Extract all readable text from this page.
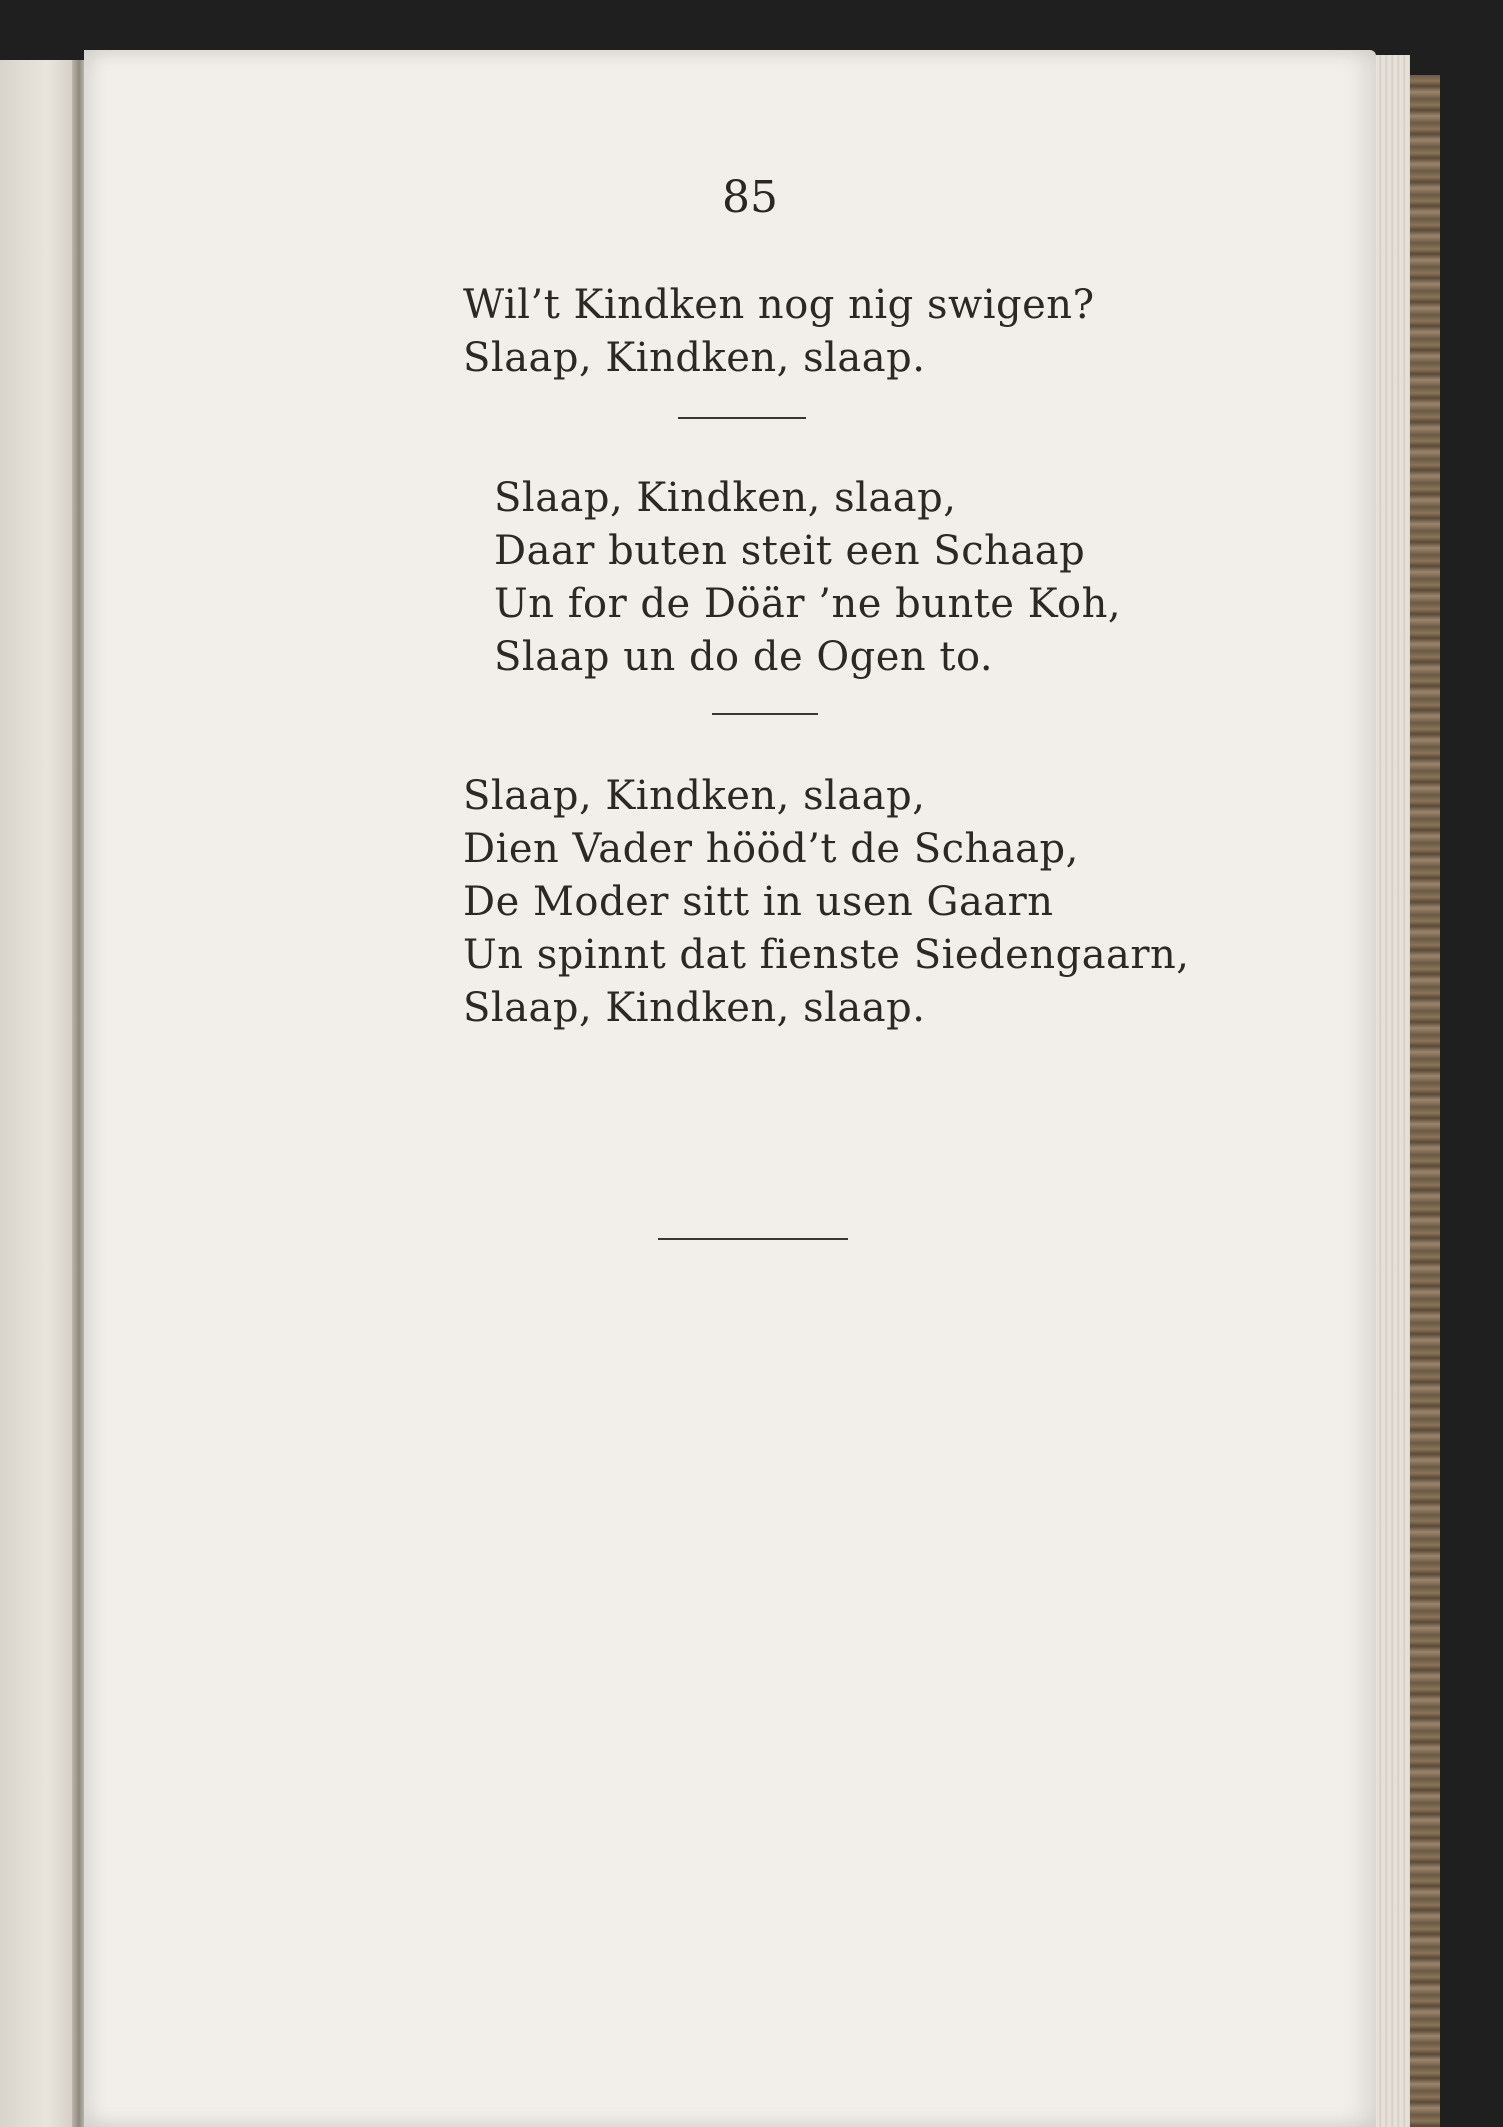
85
Wil’t Kindken nog nig swigen?
Slaap, Kindken, slaap.
Slaap, Kindken, slaap,
Daar buten steit een Schaap
Un for de Döär ’ne bunte Koh,
Slaap un do de Ogen to.
Slaap, Kindken, slaap,
Dien Vader hööd’t de Schaap,
De Moder sitt in usen Gaarn
Un spinnt dat fienste Siedengaarn,
Slaap, Kindken, slaap.
